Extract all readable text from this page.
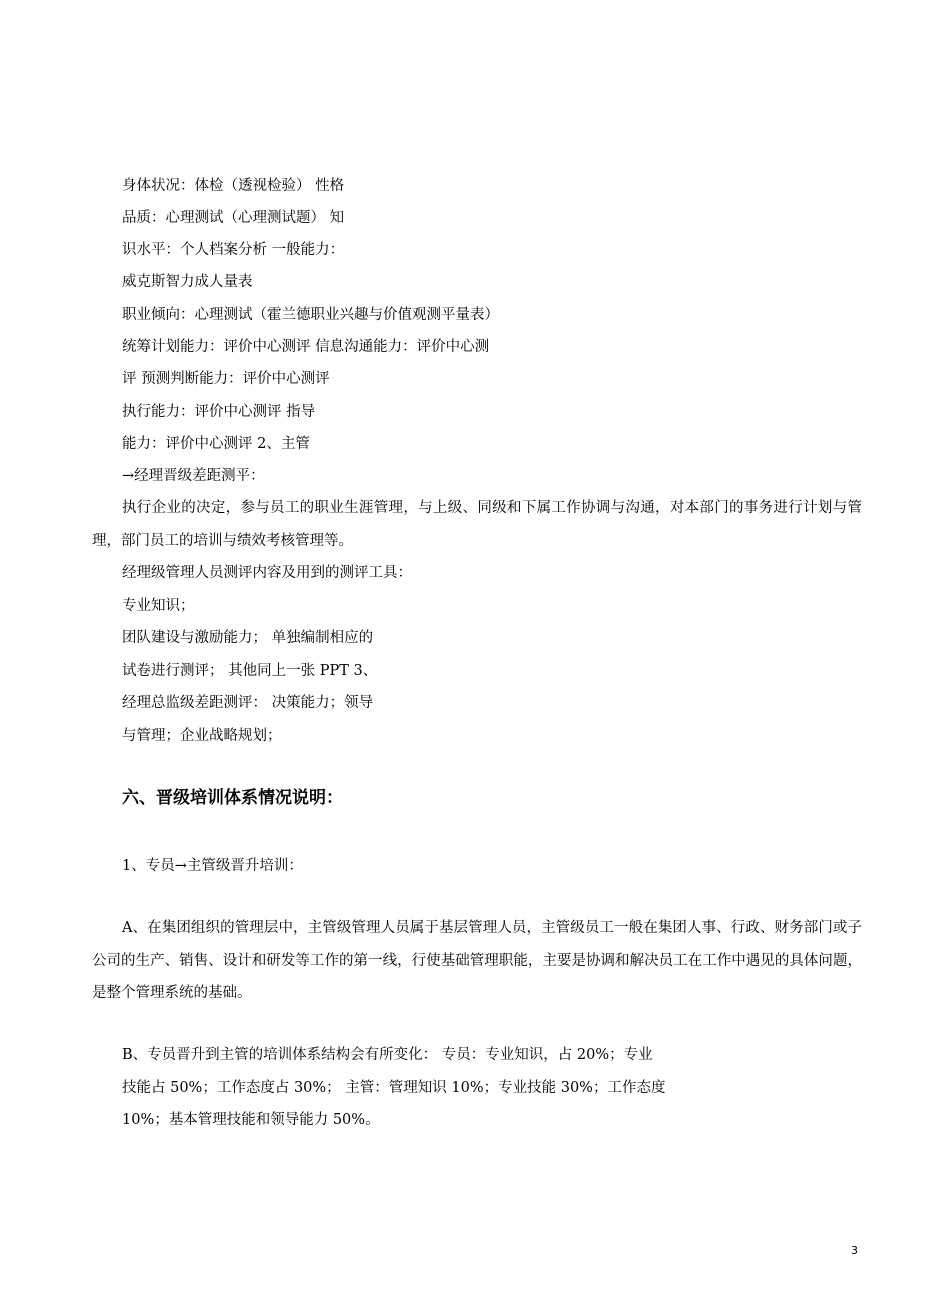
身体状况：体检（透视检验） 性格
品质：心理测试（心理测试题） 知
识水平：个人档案分析 一般能力：
威克斯智力成人量表
职业倾向：心理测试（霍兰德职业兴趣与价值观测平量表）
统筹计划能力：评价中心测评 信息沟通能力：评价中心测
评 预测判断能力：评价中心测评
执行能力：评价中心测评 指导
能力：评价中心测评 2、主管
→经理晋级差距测平：

执行企业的决定，参与员工的职业生涯管理，与上级、同级和下属工作协调与沟通，对本部门的事务进行计划与管理，部门员工的培训与绩效考核管理等。

经理级管理人员测评内容及用到的测评工具：
专业知识；
团队建设与激励能力； 单独编制相应的
试卷进行测评； 其他同上一张 PPT 3、
经理总监级差距测评： 决策能力；领导
与管理；企业战略规划；
六、晋级培训体系情况说明：
1、专员→主管级晋升培训：

A、在集团组织的管理层中，主管级管理人员属于基层管理人员，主管级员工一般在集团人事、行政、财务部门或子公司的生产、销售、设计和研发等工作的第一线，行使基础管理职能，主要是协调和解决员工在工作中遇见的具体问题，是整个管理系统的基础。

B、专员晋升到主管的培训体系结构会有所变化： 专员：专业知识，占 20%；专业
技能占 50%；工作态度占 30%； 主管：管理知识 10%；专业技能 30%；工作态度
10%；基本管理技能和领导能力 50%。
3
